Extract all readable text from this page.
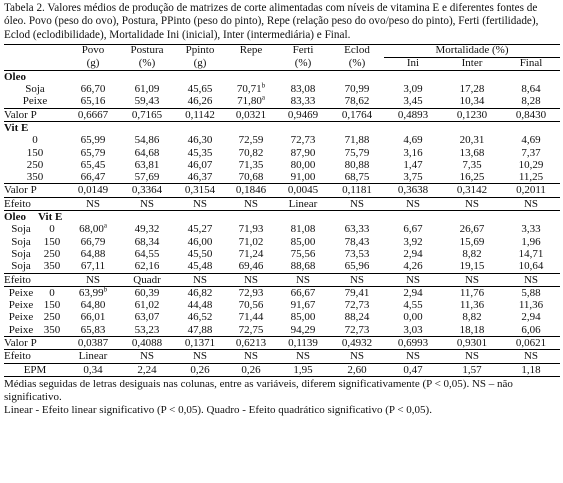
Tabela 2. Valores médios de produção de matrizes de corte alimentadas com níveis de vitamina E e diferentes fontes de óleo. Povo (peso do ovo), Postura, PPinto (peso do pinto), Repe (relação peso do ovo/peso do pinto), Ferti (fertilidade), Eclod (eclodibilidade), Mortalidade Ini (inicial), Inter (intermediária) e Final.

		Povo	Postura	Ppinto	Repe	Ferti	Eclod	Mortalidade (%)		
		(g)	(%)	(g)		(%)	(%)	Ini	Inter	Final
Oleo										
Soja		66,70	61,09	45,65	70,71$^b$	83,08	70,99	3,09	17,28	8,64
Peixe		65,16	59,43	46,26	71,80$^a$	83,33	78,62	3,45	10,34	8,28
Valor P		0,6667	0,7165	0,1142	0,0321	0,9469	0,1764	0,4893	0,1230	0,8430
Vit E										
0		65,99	54,86	46,30	72,59	72,73	71,88	4,69	20,31	4,69
150		65,79	64,68	45,35	70,82	87,90	75,79	3,16	13,68	7,37
250		65,45	63,81	46,07	71,35	80,00	80,88	1,47	7,35	10,29
350		66,47	57,69	46,37	70,68	91,00	68,75	3,75	16,25	11,25
Valor P		0,0149	0,3364	0,3154	0,1846	0,0045	0,1181	0,3638	0,3142	0,2011
Efeito		NS	NS	NS	NS	Linear	NS	NS	NS	NS
Oleo	Vit E									
Soja	0	68,00$^a$	49,32	45,27	71,93	81,08	63,33	6,67	26,67	3,33
Soja	150	66,79	68,34	46,00	71,02	85,00	78,43	3,92	15,69	1,96
Soja	250	64,88	64,55	45,50	71,24	75,56	73,53	2,94	8,82	14,71
Soja	350	67,11	62,16	45,48	69,46	88,68	65,96	4,26	19,15	10,64
Efeito		NS	Quadr	NS	NS	NS	NS	NS	NS	NS
Peixe	0	63,99$^b$	60,39	46,82	72,93	66,67	79,41	2,94	11,76	5,88
Peixe	150	64,80	61,02	44,48	70,56	91,67	72,73	4,55	11,36	11,36
Peixe	250	66,01	63,07	46,52	71,44	85,00	88,24	0,00	8,82	2,94
Peixe	350	65,83	53,23	47,88	72,75	94,29	72,73	3,03	18,18	6,06
Valor P		0,0387	0,4088	0,1371	0,6213	0,1139	0,4932	0,6993	0,9301	0,0621
Efeito		Linear	NS	NS	NS	NS	NS	NS	NS	NS
EPM		0,34	2,24	0,26	0,26	1,95	2,60	0,47	1,57	1,18
Médias seguidas de letras desiguais nas colunas, entre as variáveis, diferem significativamente (P < 0,05). NS – não significativo.
Linear - Efeito linear significativo (P < 0,05). Quadro - Efeito quadrático significativo (P < 0,05).
